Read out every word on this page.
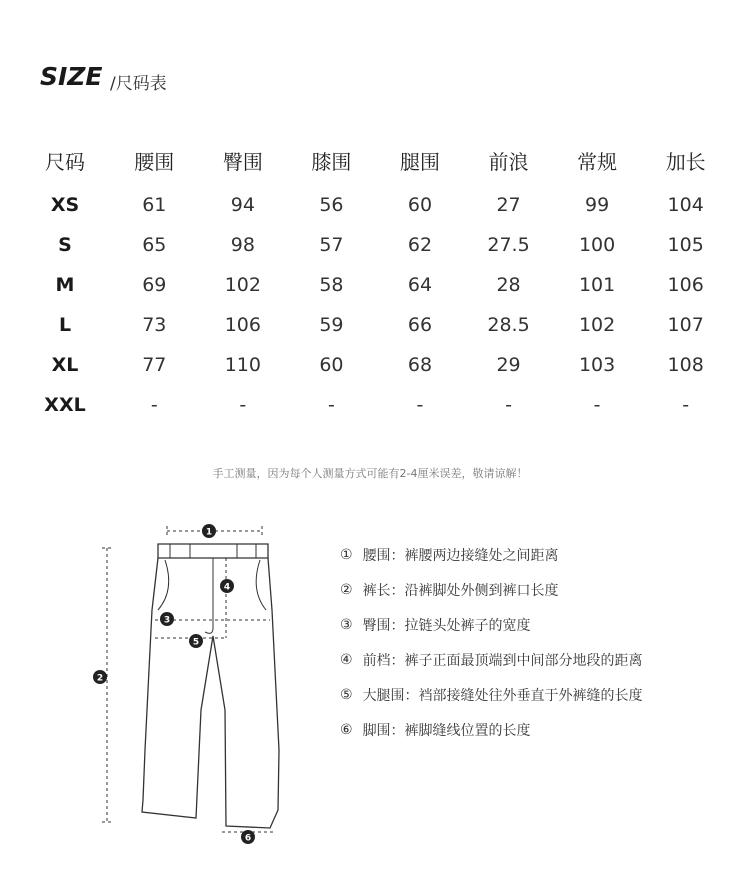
SIZE /尺码表
尺码	腰围	臀围	膝围	腿围	前浪	常规	加长
XS	61	94	56	60	27	99	104
S	65	98	57	62	27.5	100	105
M	69	102	58	64	28	101	106
L	73	106	59	66	28.5	102	107
XL	77	110	60	68	29	103	108
XXL	-	-	-	-	-	-	-
手工测量，因为每个人测量方式可能有2-4厘米误差，敬请谅解！
1
2
3
4
5
6
① 腰围：裤腰两边接缝处之间距离
② 裤长：沿裤脚处外侧到裤口长度
③ 臀围：拉链头处裤子的宽度
④ 前档：裤子正面最顶端到中间部分地段的距离
⑤ 大腿围：裆部接缝处往外垂直于外裤缝的长度
⑥ 脚围：裤脚缝线位置的长度
